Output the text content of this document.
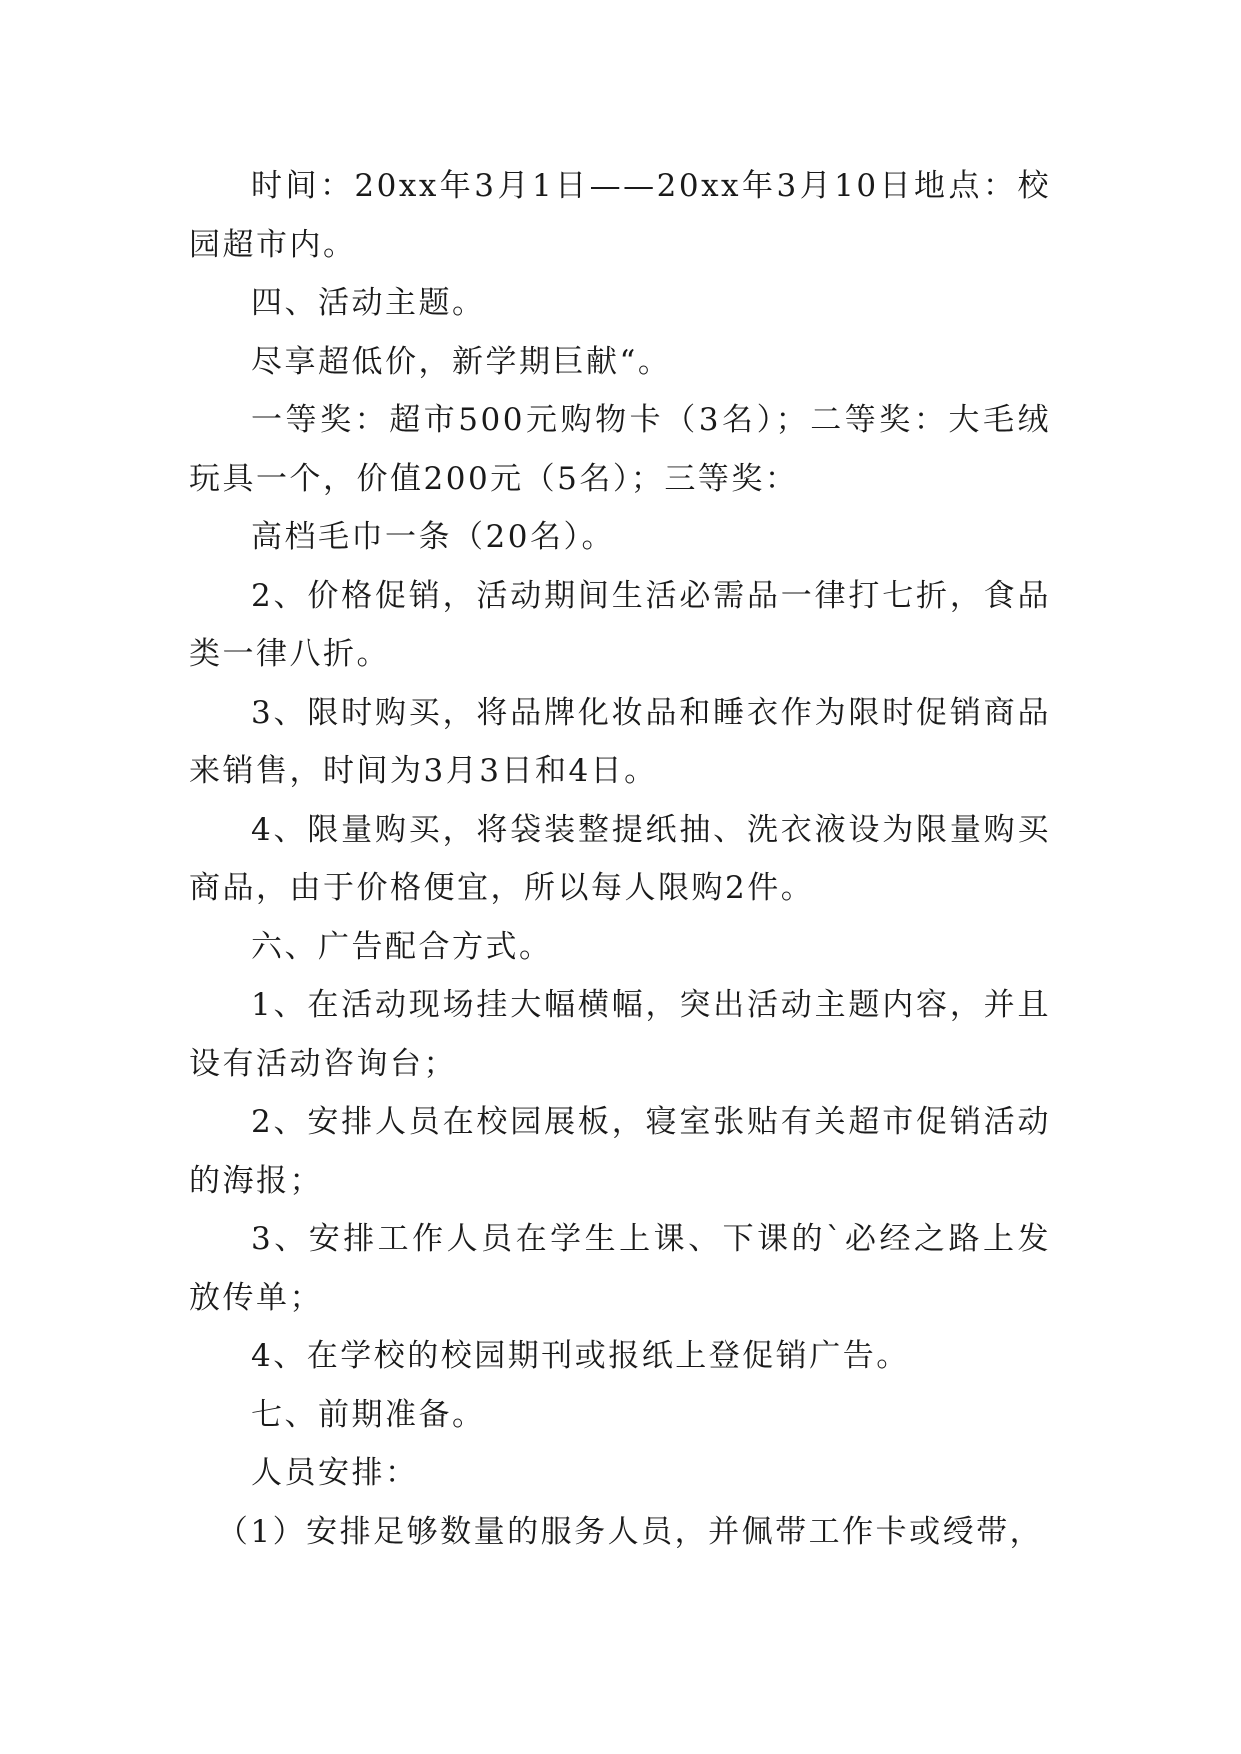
时间：20xx年3月1日——20xx年3月10日地点：校园超市内。

四、活动主题。

尽享超低价，新学期巨献“。

一等奖：超市500元购物卡（3名）；二等奖：大毛绒玩具一个，价值200元（5名）；三等奖：

高档毛巾一条（20名）。

2、价格促销，活动期间生活必需品一律打七折，食品类一律八折。

3、限时购买，将品牌化妆品和睡衣作为限时促销商品来销售，时间为3月3日和4日。

4、限量购买，将袋装整提纸抽、洗衣液设为限量购买商品，由于价格便宜，所以每人限购2件。

六、广告配合方式。

1、在活动现场挂大幅横幅，突出活动主题内容，并且设有活动咨询台；

2、安排人员在校园展板，寝室张贴有关超市促销活动的海报；

3、安排工作人员在学生上课、下课的`必经之路上发放传单；

4、在学校的校园期刊或报纸上登促销广告。

七、前期准备。

人员安排：

（1）安排足够数量的服务人员，并佩带工作卡或绶带，
